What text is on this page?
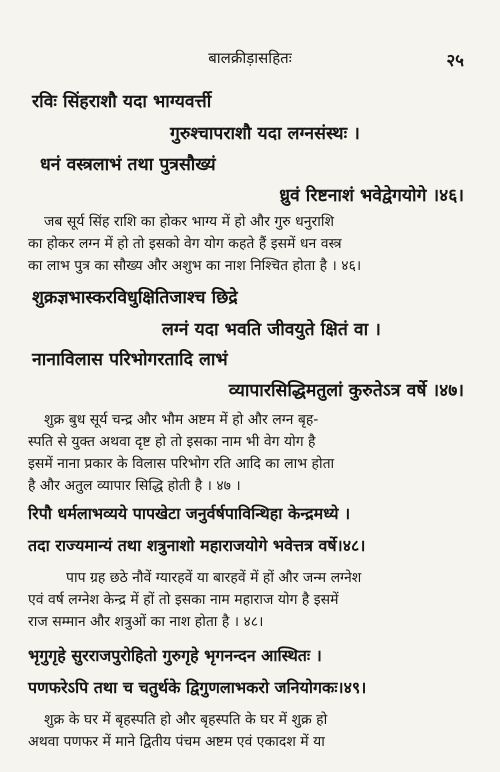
बालक्रीड़ासहितः	२५
रविः सिंहराशौ यदा भाग्यवर्त्ती
गुरुश्चापराशौ यदा लग्नसंस्थः ।
धनं वस्त्रलाभं तथा पुत्रसौख्यं
ध्रुवं रिष्टनाशं भवेद्वेगयोगे ।४६।
जब सूर्य सिंह राशि का होकर भाग्य में हो और गुरु धनुराशि
का होकर लग्न में हो तो इसको वेग योग कहते हैं इसमें धन वस्त्र
का लाभ पुत्र का सौख्य और अशुभ का नाश निश्चित होता है । ४६।
शुक्रज्ञभास्करविधुक्षितिजाश्च छिद्रे
लग्नं यदा भवति जीवयुते क्षितं वा ।
नानाविलास परिभोगरतादि लाभं
व्यापारसिद्धिमतुलां कुरुतेऽत्र वर्षे ।४७।
शुक्र बुध सूर्य चन्द्र और भौम अष्टम में हो और लग्न बृह-
स्पति से युक्त अथवा दृष्ट हो तो इसका नाम भी वेग योग है
इसमें नाना प्रकार के विलास परिभोग रति आदि का लाभ होता
है और अतुल व्यापार सिद्धि होती है । ४७ ।
रिपौ धर्मलाभव्यये पापखेटा जनुर्वर्षपाविन्थिहा केन्द्रमध्ये ।
तदा राज्यमान्यं तथा शत्रुनाशो महाराजयोगे भवेत्तत्र वर्षे।४८।
पाप ग्रह छठे नौवें ग्यारहवें या बारहवें में हों और जन्म लग्नेश
एवं वर्ष लग्नेश केन्द्र में हों तो इसका नाम महाराज योग है इसमें
राज सम्मान और शत्रुओं का नाश होता है । ४८।
भृगुगृहे सुरराजपुरोहितो गुरुगृहे भृगनन्दन आस्थितः ।
पणफरेऽपि तथा च चतुर्थके द्विगुणलाभकरो जनियोगकः।४९।
शुक्र के घर में बृहस्पति हो और बृहस्पति के घर में शुक्र हो
अथवा पणफर में माने द्वितीय पंचम अष्टम एवं एकादश में या
